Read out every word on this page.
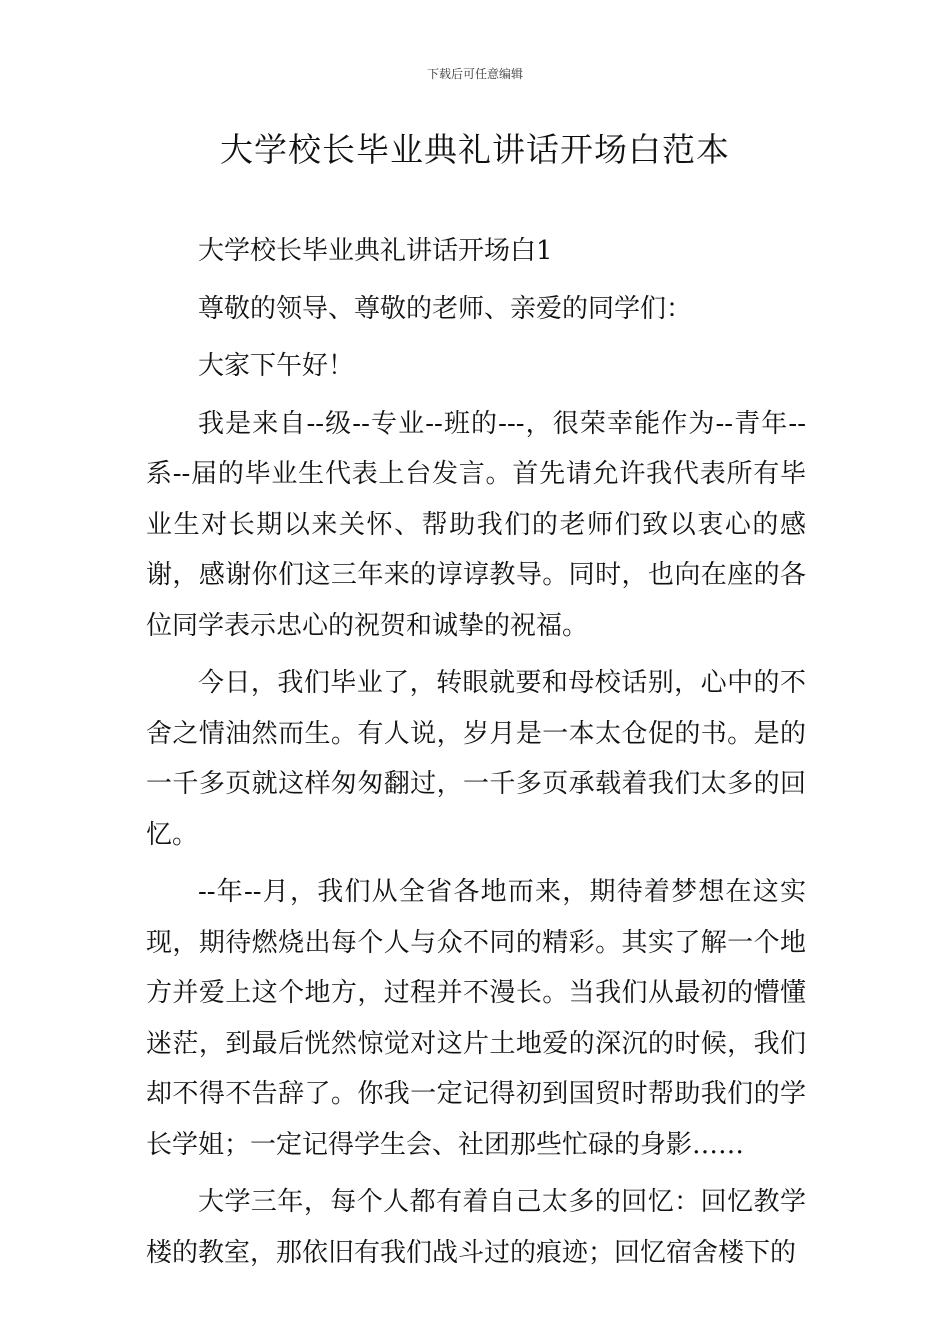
下载后可任意编辑
大学校长毕业典礼讲话开场白范本

大学校长毕业典礼讲话开场白1

尊敬的领导、尊敬的老师、亲爱的同学们：

大家下午好！

我是来自--级--专业--班的---，很荣幸能作为--青年--系--届的毕业生代表上台发言。首先请允许我代表所有毕业生对长期以来关怀、帮助我们的老师们致以衷心的感谢，感谢你们这三年来的谆谆教导。同时，也向在座的各位同学表示忠心的祝贺和诚挚的祝福。

今日，我们毕业了，转眼就要和母校话别，心中的不舍之情油然而生。有人说，岁月是一本太仓促的书。是的一千多页就这样匆匆翻过，一千多页承载着我们太多的回忆。

--年--月，我们从全省各地而来，期待着梦想在这实现，期待燃烧出每个人与众不同的精彩。其实了解一个地方并爱上这个地方，过程并不漫长。当我们从最初的懵懂迷茫，到最后恍然惊觉对这片土地爱的深沉的时候，我们却不得不告辞了。你我一定记得初到国贸时帮助我们的学长学姐；一定记得学生会、社团那些忙碌的身影……

大学三年，每个人都有着自己太多的回忆：回忆教学楼的教室，那依旧有我们战斗过的痕迹；回忆宿舍楼下的
